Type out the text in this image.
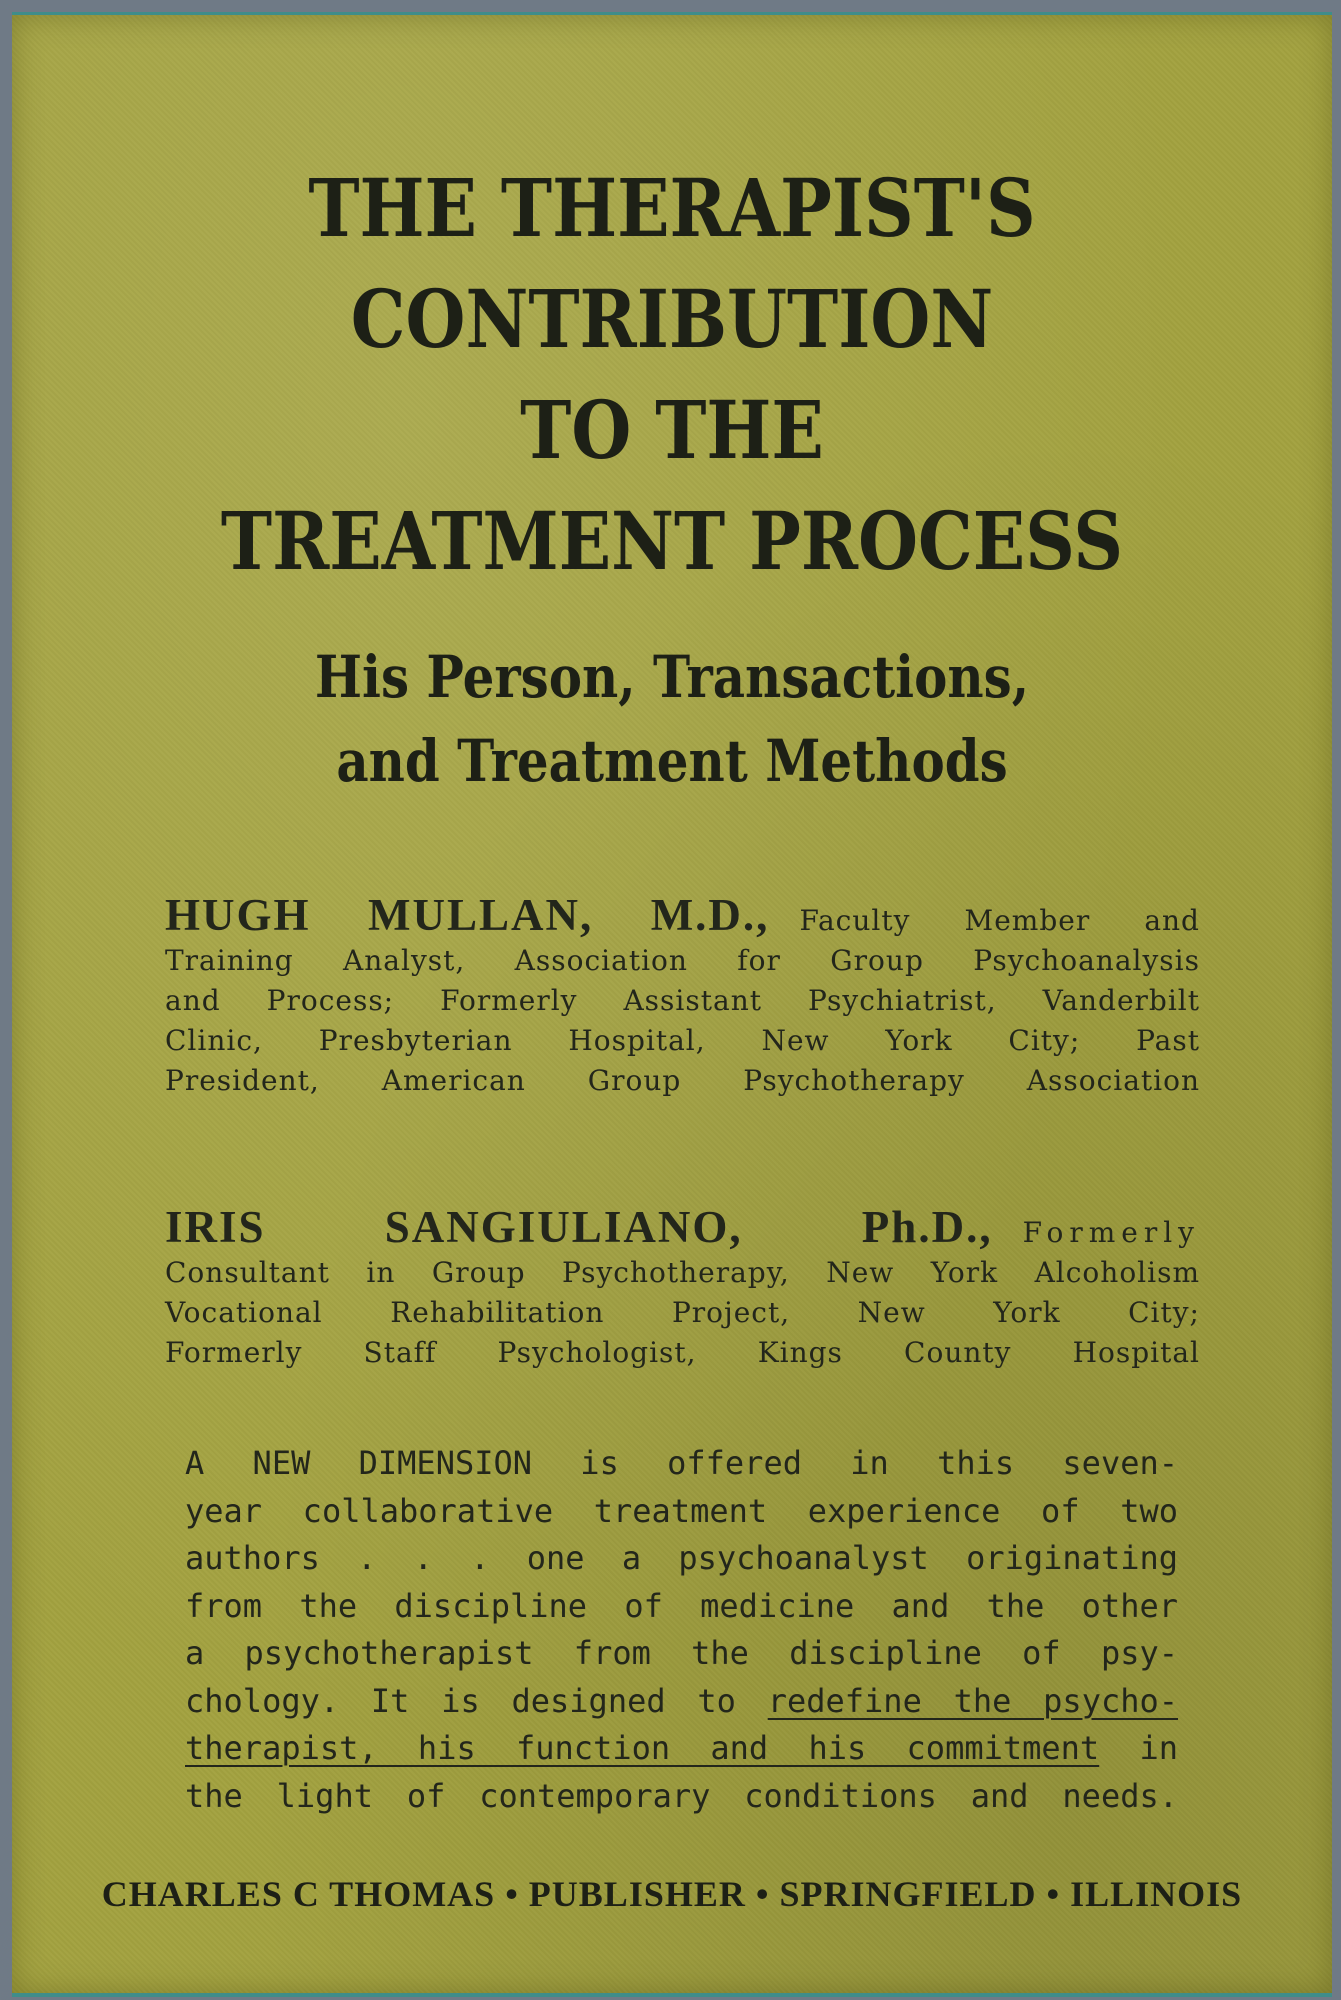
THE THERAPIST'S
CONTRIBUTION
TO THE
TREATMENT PROCESS
His Person, Transactions,
and Treatment Methods
HUGH MULLAN, M.D., Faculty Member and
Training Analyst, Association for Group Psychoanalysis
and Process; Formerly Assistant Psychiatrist, Vanderbilt
Clinic, Presbyterian Hospital, New York City; Past
President, American Group Psychotherapy Association
IRIS SANGIULIANO, Ph.D., Formerly
Consultant in Group Psychotherapy, New York Alcoholism
Vocational Rehabilitation Project, New York City;
Formerly Staff Psychologist, Kings County Hospital
A NEW DIMENSION is offered in this seven-
year collaborative treatment experience of two
authors . . . one a psychoanalyst originating
from the discipline of medicine and the other
a psychotherapist from the discipline of psy-
chology. It is designed to redefine the psycho-
therapist, his function and his commitment in
the light of contemporary conditions and needs.
CHARLES C THOMAS • PUBLISHER • SPRINGFIELD • ILLINOIS
